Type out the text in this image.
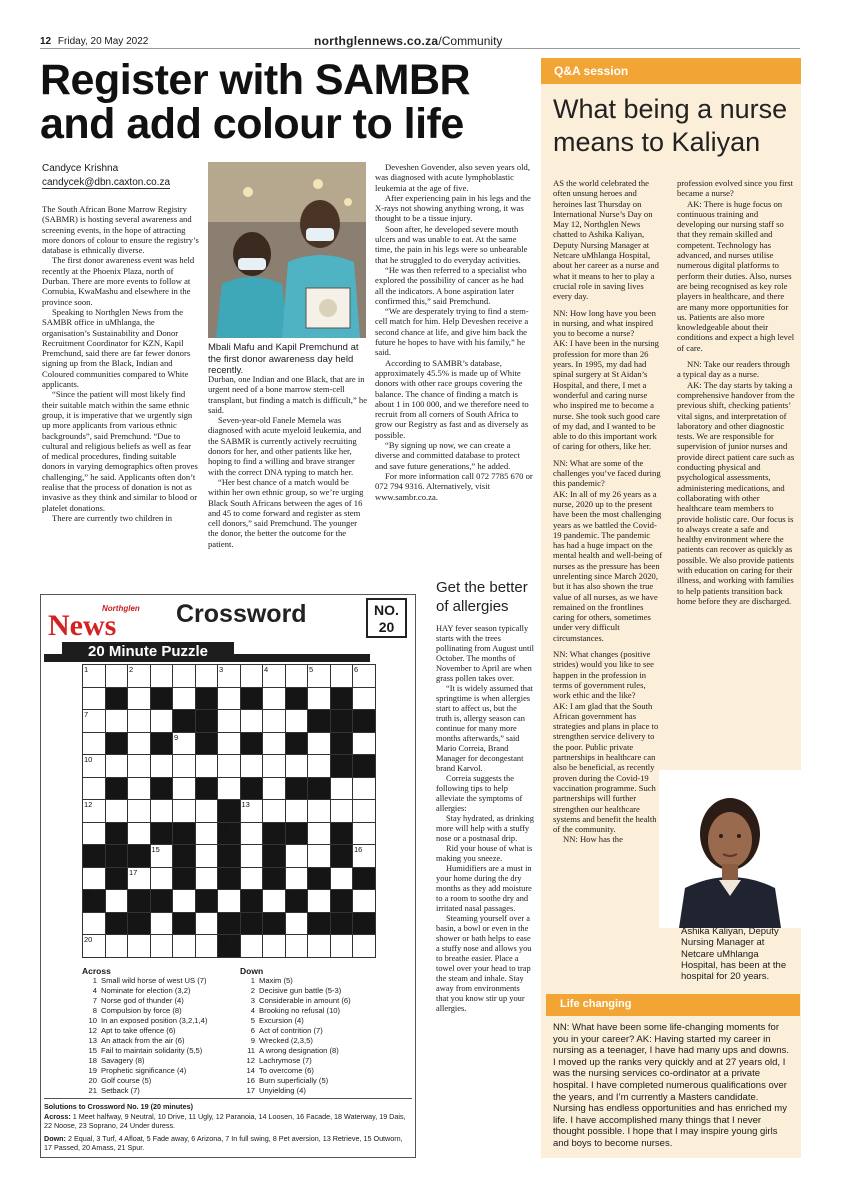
12 Friday, 20 May 2022	northglennews.co.za/Community
Register with SAMBR and add colour to life
Candyce Krishna
candycek@dbn.caxton.co.za

The South African Bone Marrow Registry (SABMR) is hosting several awareness and screening events, in the hope of attracting more donors of colour to ensure the registry’s database is ethnically diverse.

The first donor awareness event was held recently at the Phoenix Plaza, north of Durban. There are more events to follow at Cornubia, KwaMashu and elsewhere in the province soon.

Speaking to Northglen News from the SAMBR office in uMhlanga, the organisation’s Sustainability and Donor Recruitment Coordinator for KZN, Kapil Premchund, said there are far fewer donors signing up from the Black, Indian and Coloured communities compared to White applicants.

“Since the patient will most likely find their suitable match within the same ethnic group, it is imperative that we urgently sign up more applicants from various ethnic backgrounds”, said Premchund. “Due to cultural and religious beliefs as well as fear of medical procedures, finding suitable donors in varying demographics often proves challenging,” he said. Applicants often don’t realise that the process of donation is not as invasive as they think and similar to blood or platelet donations.

There are currently two children in

Mbali Mafu and Kapil Premchund at the first donor awareness day held recently.

Durban, one Indian and one Black, that are in urgent need of a bone marrow stem-cell transplant, but finding a match is difficult,” he said.

Seven-year-old Fanele Memela was diagnosed with acute myeloid leukemia, and the SABMR is currently actively recruiting donors for her, and other patients like her, hoping to find a willing and brave stranger with the correct DNA typing to match her.

“Her best chance of a match would be within her own ethnic group, so we’re urging Black South Africans between the ages of 16 and 45 to come forward and register as stem cell donors,” said Premchund. The younger the donor, the better the outcome for the patient.

Deveshen Govender, also seven years old, was diagnosed with acute lymphoblastic leukemia at the age of five.

After experiencing pain in his legs and the X-rays not showing anything wrong, it was thought to be a tissue injury.

Soon after, he developed severe mouth ulcers and was unable to eat. At the same time, the pain in his legs were so unbearable that he struggled to do everyday activities.

“He was then referred to a specialist who explored the possibility of cancer as he had all the indicators. A bone aspiration later confirmed this,” said Premchund.

“We are desperately trying to find a stem-cell match for him. Help Deveshen receive a second chance at life, and give him back the future he hopes to have with his family,” he said.

According to SAMBR’s database, approximately 45.5% is made up of White donors with other race groups covering the balance. The chance of finding a match is about 1 in 100 000, and we therefore need to recruit from all corners of South Africa to grow our Registry as fast and as diversely as possible.

“By signing up now, we can create a diverse and committed database to protect and save future generations,” he added.

For more information call 072 7785 670 or 072 794 9316. Alternatively, visit www.sambr.co.za.

Q&A session
What being a nurse means to Kaliyan

AS the world celebrated the often unsung heroes and heroines last Thursday on International Nurse’s Day on May 12, Northglen News chatted to Ashika Kaliyan, Deputy Nursing Manager at Netcare uMhlanga Hospital, about her career as a nurse and what it means to her to play a crucial role in saving lives every day.

NN: How long have you been in nursing, and what inspired you to become a nurse?

AK: I have been in the nursing profession for more than 26 years. In 1995, my dad had spinal surgery at St Aidan’s Hospital, and there, I met a wonderful and caring nurse who inspired me to become a nurse. She took such good care of my dad, and I wanted to be able to do this important work of caring for others, like her.

NN: What are some of the challenges you’ve faced during this pandemic?

AK: In all of my 26 years as a nurse, 2020 up to the present have been the most challenging years as we battled the Covid-19 pandemic. The pandemic has had a huge impact on the mental health and well-being of nurses as the pressure has been unrelenting since March 2020, but it has also shown the true value of all nurses, as we have remained on the frontlines caring for others, sometimes under very difficult circumstances.

NN: What changes (positive strides) would you like to see happen in the profession in terms of government rules, work ethic and the like?

AK: I am glad that the South African government has strategies and plans in place to strengthen service delivery to the poor. Public private partnerships in healthcare can also be beneficial, as recently proven during the Covid-19 vaccination programme. Such partnerships will further strengthen our healthcare systems and benefit the health of the community.

NN: How has the

profession evolved since you first became a nurse?

AK: There is huge focus on continuous training and developing our nursing staff so that they remain skilled and competent. Technology has advanced, and nurses utilise numerous digital platforms to perform their duties. Also, nurses are being recognised as key role players in healthcare, and there are many more opportunities for us. Patients are also more knowledgeable about their conditions and expect a high level of care.

NN: Take our readers through a typical day as a nurse.

AK: The day starts by taking a comprehensive handover from the previous shift, checking patients’ vital signs, and interpretation of laboratory and other diagnostic tests. We are responsible for supervision of junior nurses and provide direct patient care such as conducting physical and psychological assessments, administering medications, and collaborating with other healthcare team members to provide holistic care. Our focus is to always create a safe and healthy environment where the patients can recover as quickly as possible. We also provide patients with education on caring for their illness, and working with families to help patients transition back home before they are discharged.

Ashika Kaliyan, Deputy Nursing Manager at Netcare uMhlanga Hospital, has been at the hospital for 20 years.
Life changing
NN: What have been some life-changing moments for you in your career? AK: Having started my career in nursing as a teenager, I have had many ups and downs. I moved up the ranks very quickly and at 27 years old, I was the nursing services co-ordinator at a private hospital. I have completed numerous qualifications over the years, and I’m currently a Masters candidate. Nursing has endless opportunities and has enriched my life. I have accomplished many things that I never thought possible. I hope that I may inspire young girls and boys to become nurses.
Get the better of allergies

HAY fever season typically starts with the trees pollinating from August until October. The months of November to April are when grass pollen takes over.

“It is widely assumed that springtime is when allergies start to affect us, but the truth is, allergy season can continue for many more months afterwards,” said Mario Correia, Brand Manager for decongestant brand Karvol.

Correia suggests the following tips to help alleviate the symptoms of allergies:

Stay hydrated, as drinking more will help with a stuffy nose or a postnasal drip.

Rid your house of what is making you sneeze.

Humidifiers are a must in your home during the dry months as they add moisture to a room to soothe dry and irritated nasal passages.

Steaming yourself over a basin, a bowl or even in the shower or bath helps to ease a stuffy nose and allows you to breathe easier. Place a towel over your head to trap the steam and inhale. Stay away from environments that you know stir up your allergies.

Northglen
News Crossword	NO.
20
20 Minute Puzzle
1	2	3	4	5	6
7	8
9
10
11
12	13
14
15	16
17
18	19
20	21
Across
1 Small wild horse of west US (7)
4 Nominate for election (3,2)
7 Norse god of thunder (4)
8 Compulsion by force (8)
10 In an exposed position (3,2,1,4)
12 Apt to take offence (6)
13 An attack from the air (6)
15 Fail to maintain solidarity (5,5)
18 Savagery (8)
19 Prophetic significance (4)
20 Golf course (5)
21 Setback (7)
Down
1 Maxim (5)
2 Decisive gun battle (5-3)
3 Considerable in amount (6)
4 Brooking no refusal (10)
5 Excursion (4)
6 Act of contrition (7)
9 Wrecked (2,3,5)
11 A wrong designation (8)
12 Lachrymose (7)
14 To overcome (6)
16 Burn superficially (5)
17 Unyielding (4)
Solutions to Crossword No. 19 (20 minutes)
Across: 1 Meet halfway, 9 Neutral, 10 Drive, 11 Ugly, 12 Paranoia, 14 Loosen, 16 Facade, 18 Waterway, 19 Dais, 22 Noose, 23 Soprano, 24 Under duress.
Down: 2 Equal, 3 Turf, 4 Afloat, 5 Fade away, 6 Arizona, 7 In full swing, 8 Pet aversion, 13 Retrieve, 15 Outworn, 17 Passed, 20 Amass, 21 Spur.
